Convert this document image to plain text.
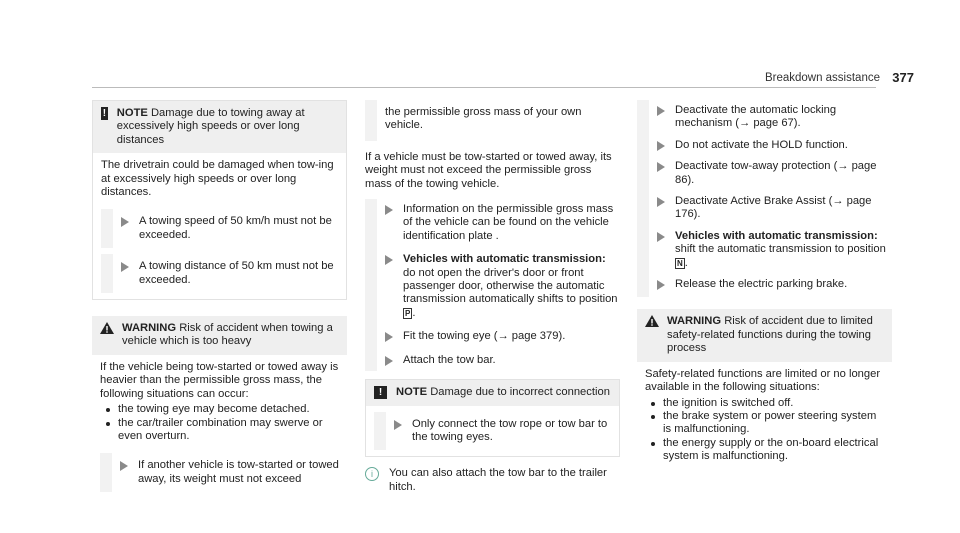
Breakdown assistance 377
! NOTE Damage due to towing away at excessively high speeds or over long distances

The drivetrain could be damaged when tow-ing at excessively high speeds or over long distances.

A towing speed of 50 km/h must not be exceeded.
A towing distance of 50 km must not be exceeded.
WARNING Risk of accident when towing a vehicle which is too heavy

If the vehicle being tow-started or towed away is heavier than the permissible gross mass, the following situations can occur:

the towing eye may become detached.
the car/trailer combination may swerve or even overturn.
If another vehicle is tow-started or towed away, its weight must not exceed
the permissible gross mass of your own vehicle.

If a vehicle must be tow-started or towed away, its weight must not exceed the permissible gross mass of the towing vehicle.

Information on the permissible gross mass of the vehicle can be found on the vehicle identification plate .
Vehicles with automatic transmission: do not open the driver's door or front passenger door, otherwise the automatic transmission automatically shifts to position P .
Fit the towing eye (→ page 379).
Attach the tow bar.
!	NOTE Damage due to incorrect connection
Only connect the tow rope or tow bar to the towing eyes.
i	You can also attach the tow bar to the trailer hitch.
Deactivate the automatic locking mechanism (→ page 67).
Do not activate the HOLD function.
Deactivate tow-away protection (→ page 86).
Deactivate Active Brake Assist (→ page 176).
Vehicles with automatic transmission:
shift the automatic transmission to position
N .
Release the electric parking brake.
WARNING Risk of accident due to limited safety-related functions during the towing process

Safety-related functions are limited or no longer available in the following situations:

the ignition is switched off.
the brake system or power steering system is malfunctioning.
the energy supply or the on-board electrical system is malfunctioning.
